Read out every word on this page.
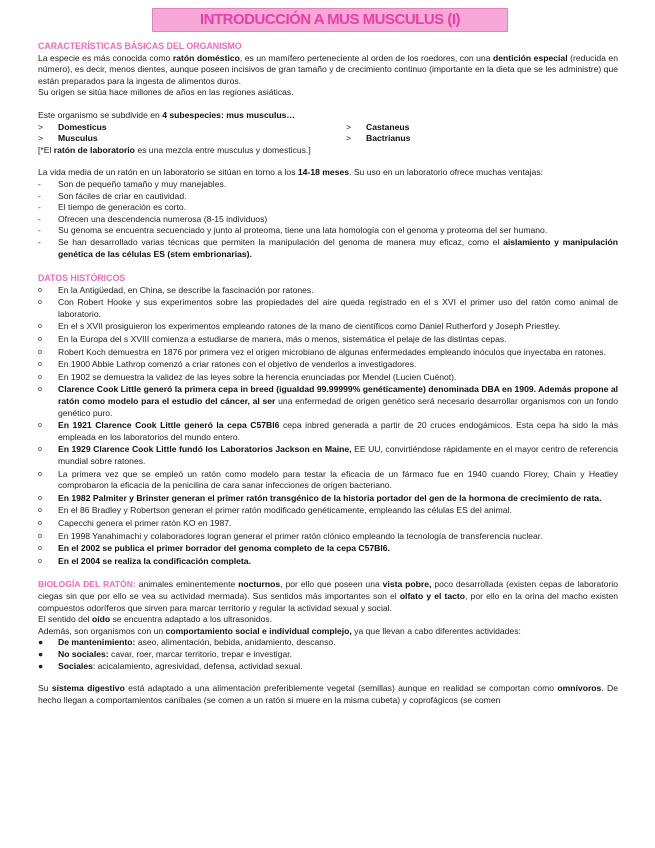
INTRODUCCIÓN A MUS MUSCULUS (I)
CARACTERÍSTICAS BÁSICAS DEL ORGANISMO

La especie es más conocida como ratón doméstico, es un mamífero perteneciente al orden de los roedores, con una dentición especial (reducida en número), es decir, menos dientes, aunque poseen incisivos de gran tamaño y de crecimiento continuo (importante en la dieta que se les administre) que están preparados para la ingesta de alimentos duros.

Su origen se sitúa hace millones de años en las regiones asiáticas.

Este organismo se subdivide en 4 subespecies: mus musculus…

>	Domesticus	>	Castaneus
>	Musculus	>	Bactrianus

[*El ratón de laboratorio es una mezcla entre musculus y domesticus.]

La vida media de un ratón en un laboratorio se sitúan en torno a los 14-18 meses. Su uso en un laboratorio ofrece muchas ventajas:

-	Son de pequeño tamaño y muy manejables.
-	Son fáciles de criar en cautividad.
-	El tiempo de generación es corto.
-	Ofrecen una descendencia numerosa (8-15 individuos)
-	Su genoma se encuentra secuenciado y junto al proteoma, tiene una lata homología con el genoma y proteoma del ser humano.
-	Se han desarrollado varias técnicas que permiten la manipulación del genoma de manera muy eficaz, como el aislamiento y manipulación genética de las células ES (stem embrionarias).
DATOS HISTÓRICOS
o	En la Antigüedad, en China, se describe la fascinación por ratones.
o	Con Robert Hooke y sus experimentos sobre las propiedades del aire queda registrado en el s XVI el primer uso del ratón como animal de laboratorio.
o	En el s XVII prosiguieron los experimentos empleando ratones de la mano de científicos como Daniel Rutherford y Joseph Priestley.
o	En la Europa del s XVIII comienza a estudiarse de manera, más o menos, sistemática el pelaje de las distintas cepas.
o	Robert Koch demuestra en 1876 por primera vez el origen microbiano de algunas enfermedades empleando inóculos que inyectaba en ratones.
o	En 1900 Abbie Lathrop comenzó a criar ratones con el objetivo de venderlos a investigadores.
o	En 1902 se demuestra la validez de las leyes sobre la herencia enunciadas por Mendel (Lucien Cuénot).
o	Clarence Cook Little generó la primera cepa in breed (igualdad 99.99999% genéticamente) denominada DBA en 1909. Además propone al ratón como modelo para el estudio del cáncer, al ser una enfermedad de origen genético será necesario desarrollar organismos con un fondo genético puro.
o	En 1921 Clarence Cook Little generó la cepa C57Bl6 cepa inbred generada a partir de 20 cruces endogámicos. Esta cepa ha sido la más empleada en los laboratorios del mundo entero.
o	En 1929 Clarence Cook Little fundó los Laboratorios Jackson en Maine, EE UU, convirtiéndose rápidamente en el mayor centro de referencia mundial sobre ratones.
o	La primera vez que se empleó un ratón como modelo para testar la eficacia de un fármaco fue en 1940 cuando Florey, Chain y Heatley comprobaron la eficacia de la penicilina de cara sanar infecciones de origen bacteriano.
o	En 1982 Palmiter y Brinster generan el primer ratón transgénico de la historia portador del gen de la hormona de crecimiento de rata.
o	En el 86 Bradley y Robertson generan el primer ratón modificado genéticamente, empleando las células ES del animal.
o	Capecchi genera el primer ratón KO en 1987.
o	En 1998 Yanahimachi y colaboradores logran generar el primer ratón clónico empleando la tecnología de transferencia nuclear.
o	En el 2002 se publica el primer borrador del genoma completo de la cepa C57Bl6.
o	En el 2004 se realiza la condificación completa.

BIOLOGÍA DEL RATÓN: animales eminentemente nocturnos, por ello que poseen una vista pobre, poco desarrollada (existen cepas de laboratorio ciegas sin que por ello se vea su actividad mermada). Sus sentidos más importantes son el olfato y el tacto, por ello en la orina del macho existen compuestos odoríferos que sirven para marcar territorio y regular la actividad sexual y social.

El sentido del oído se encuentra adaptado a los ultrasonidos.

Además, son organismos con un comportamiento social e individual complejo, ya que llevan a cabo diferentes actividades:

●	De mantenimiento: aseo, alimentación, bebida, anidamiento, descanso.
●	No sociales: cavar, roer, marcar territorio, trepar e investigar.
●	Sociales: acicalamiento, agresividad, defensa, actividad sexual.

Su sistema digestivo está adaptado a una alimentación preferiblemente vegetal (semillas) aunque en realidad se comportan como omnívoros. De hecho llegan a comportamientos caníbales (se comen a un ratón si muere en la misma cubeta) y coprofágicos (se comen
